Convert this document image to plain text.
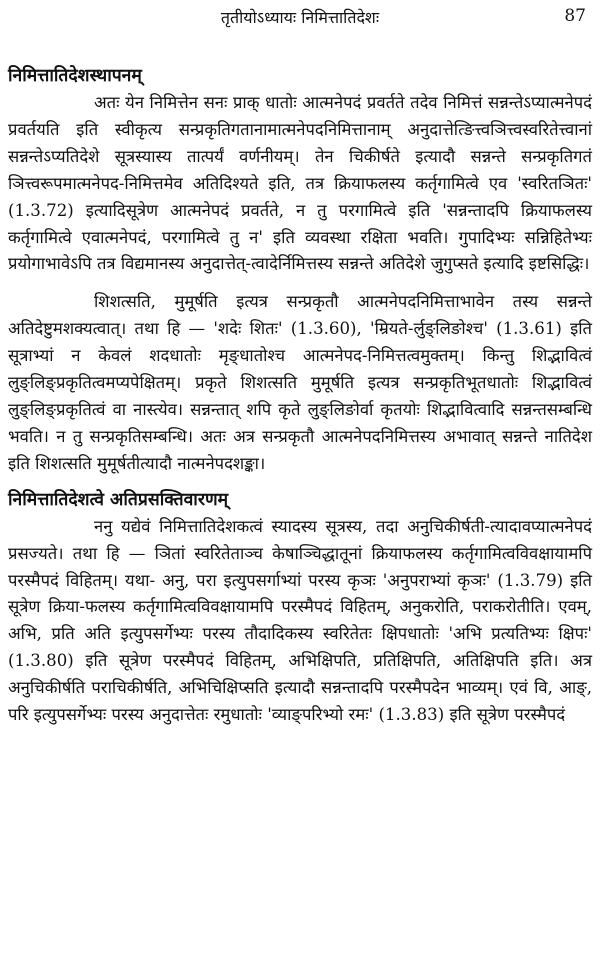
तृतीयोऽध्यायः निमित्तातिदेशः	87
निमित्तातिदेशस्थापनम्

अतः येन निमित्तेन सनः प्राक् धातोः आत्मनेपदं प्रवर्तते तदेव निमित्तं सन्नन्तेऽप्यात्मनेपदं प्रवर्तयति इति स्वीकृत्य सन्प्रकृतिगतानामात्मनेपदनिमित्तानाम् अनुदात्तेत्ङित्त्वञित्त्वस्वरितेत्त्वानां सन्नन्तेऽप्यतिदेशे सूत्रस्यास्य तात्पर्यं वर्णनीयम्। तेन चिकीर्षते इत्यादौ सन्नन्ते सन्प्रकृतिगतं ञित्त्वरूपमात्मनेपद-निमित्तमेव अतिदिश्यते इति, तत्र क्रियाफलस्य कर्तृगामित्वे एव 'स्वरितञितः' (1.3.72) इत्यादिसूत्रेण आत्मनेपदं प्रवर्तते, न तु परगामित्वे इति 'सन्नन्तादपि क्रियाफलस्य कर्तृगामित्वे एवात्मनेपदं, परगामित्वे तु न' इति व्यवस्था रक्षिता भवति। गुपादिभ्यः सन्निहितेभ्यः प्रयोगाभावेऽपि तत्र विद्यमानस्य अनुदात्तेत्-त्वादेर्निमित्तस्य सन्नन्ते अतिदेशे जुगुप्सते इत्यादि इष्टसिद्धिः।

शिशत्सति, मुमूर्षति इत्यत्र सन्प्रकृतौ आत्मनेपदनिमित्ताभावेन तस्य सन्नन्ते अतिदेष्टुमशक्यत्वात्। तथा हि — 'शदेः शितः' (1.3.60), 'म्रियते-र्लुङ्लिङोश्च' (1.3.61) इति सूत्राभ्यां न केवलं शदधातोः मृङ्धातोश्च आत्मनेपद-निमित्तत्वमुक्तम्। किन्तु शिद्भावित्वं लुङ्लिङ्प्रकृतित्वमप्यपेक्षितम्। प्रकृते शिशत्सति मुमूर्षति इत्यत्र सन्प्रकृतिभूतधातोः शिद्भावित्वं लुङ्लिङ्प्रकृतित्वं वा नास्त्येव। सन्नन्तात् शपि कृते लुङ्लिङोर्वा कृतयोः शिद्भावित्वादि सन्नन्तसम्बन्धि भवति। न तु सन्प्रकृतिसम्बन्धि। अतः अत्र सन्प्रकृतौ आत्मनेपदनिमित्तस्य अभावात् सन्नन्ते नातिदेश इति शिशत्सति मुमूर्षतीत्यादौ नात्मनेपदशङ्का।

निमित्तातिदेशत्वे अतिप्रसक्तिवारणम्

ननु यद्येवं निमित्तातिदेशकत्वं स्यादस्य सूत्रस्य, तदा अनुचिकीर्षती-त्यादावप्यात्मनेपदं प्रसज्यते। तथा हि — ञितां स्वरितेताञ्च केषाञ्चिद्धातूनां क्रियाफलस्य कर्तृगामित्वविवक्षायामपि परस्मैपदं विहितम्। यथा- अनु, परा इत्युपसर्गाभ्यां परस्य कृञः 'अनुपराभ्यां कृञः' (1.3.79) इति सूत्रेण क्रिया-फलस्य कर्तृगामित्वविवक्षायामपि परस्मैपदं विहितम्, अनुकरोति, पराकरोतीति। एवम्, अभि, प्रति अति इत्युपसर्गेभ्यः परस्य तौदादिकस्य स्वरितेतः क्षिपधातोः 'अभि प्रत्यतिभ्यः क्षिपः' (1.3.80) इति सूत्रेण परस्मैपदं विहितम्, अभिक्षिपति, प्रतिक्षिपति, अतिक्षिपति इति। अत्र अनुचिकीर्षति पराचिकीर्षति, अभिचिक्षिप्सति इत्यादौ सन्नन्तादपि परस्मैपदेन भाव्यम्। एवं वि, आङ्, परि इत्युपसर्गेभ्यः परस्य अनुदात्तेतः रमुधातोः 'व्याङ्परिभ्यो रमः' (1.3.83) इति सूत्रेण परस्मैपदं
